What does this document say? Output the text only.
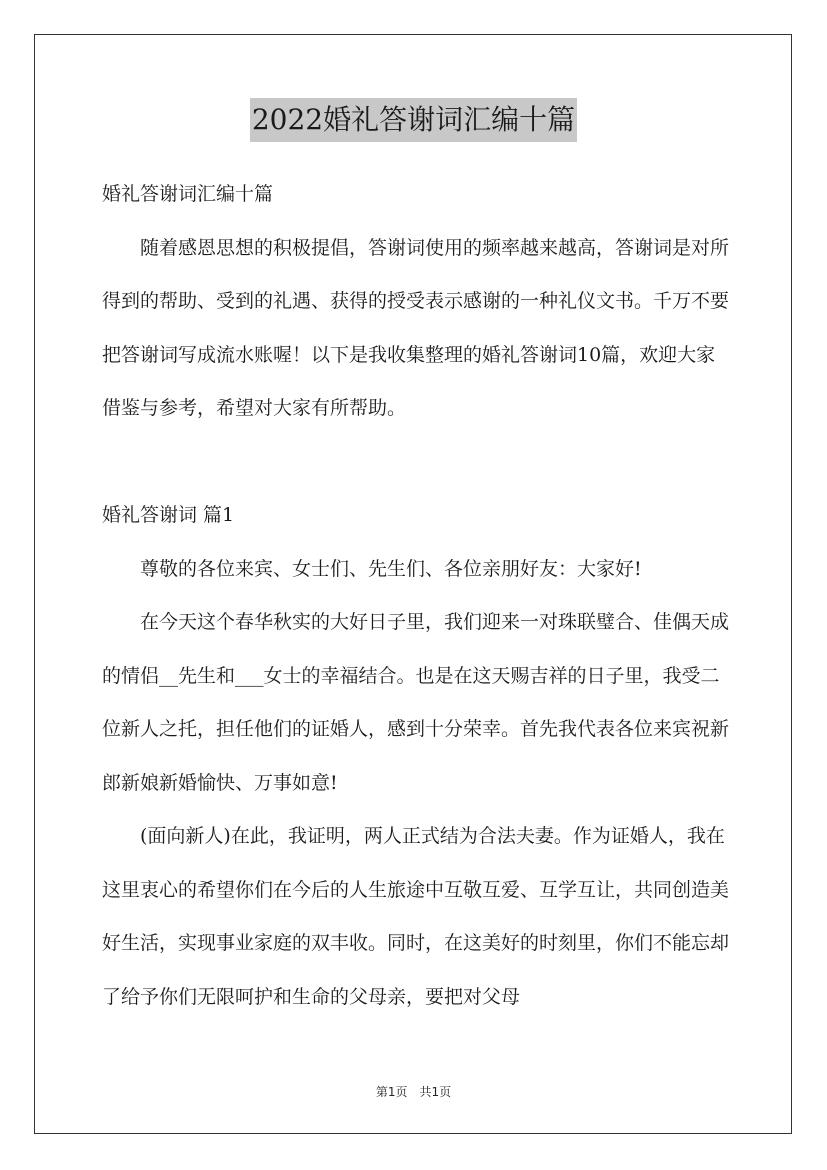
2022婚礼答谢词汇编十篇

婚礼答谢词汇编十篇

随着感恩思想的积极提倡，答谢词使用的频率越来越高，答谢词是对所得到的帮助、受到的礼遇、获得的授受表示感谢的一种礼仪文书。千万不要把答谢词写成流水账喔！以下是我收集整理的婚礼答谢词10篇，欢迎大家借鉴与参考，希望对大家有所帮助。

婚礼答谢词 篇1

尊敬的各位来宾、女士们、先生们、各位亲朋好友：大家好!

在今天这个春华秋实的大好日子里，我们迎来一对珠联璧合、佳偶天成的情侣__先生和___女士的幸福结合。也是在这天赐吉祥的日子里，我受二位新人之托，担任他们的证婚人，感到十分荣幸。首先我代表各位来宾祝新郎新娘新婚愉快、万事如意!

(面向新人)在此，我证明，两人正式结为合法夫妻。作为证婚人，我在这里衷心的希望你们在今后的人生旅途中互敬互爱、互学互让，共同创造美好生活，实现事业家庭的双丰收。同时，在这美好的时刻里，你们不能忘却了给予你们无限呵护和生命的父母亲，要把对父母

第1页　共1页
